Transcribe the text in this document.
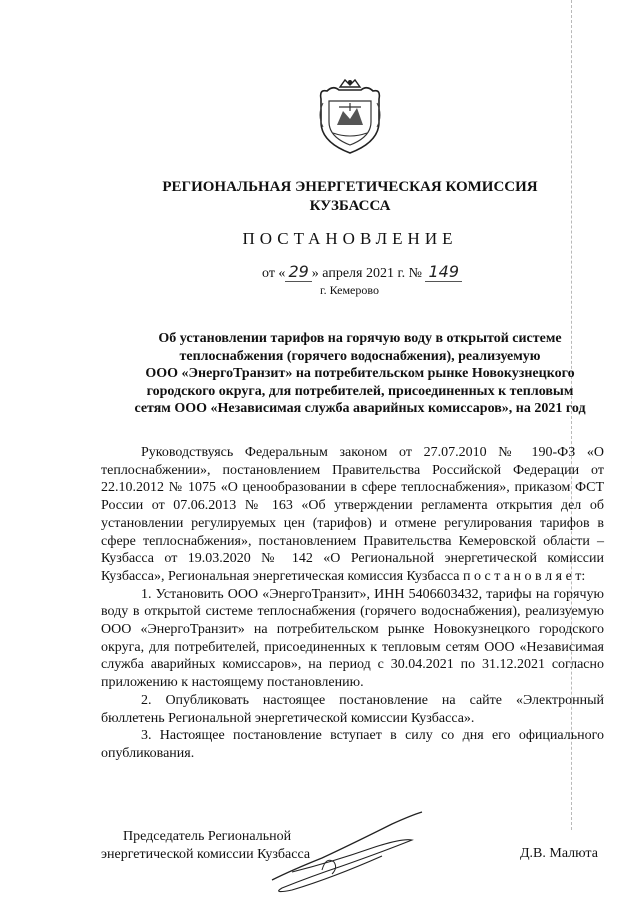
РЕГИОНАЛЬНАЯ ЭНЕРГЕТИЧЕСКАЯ КОМИССИЯ
КУЗБАССА
ПОСТАНОВЛЕНИЕ
от « 29 » апреля 2021 г. № 149
г. Кемерово
Об установлении тарифов на горячую воду в открытой системе
теплоснабжения (горячего водоснабжения), реализуемую
ООО «ЭнергоТранзит» на потребительском рынке Новокузнецкого
городского округа, для потребителей, присоединенных к тепловым
сетям ООО «Независимая служба аварийных комиссаров», на 2021 год

Руководствуясь Федеральным законом от 27.07.2010 № 190-ФЗ «О теплоснабжении», постановлением Правительства Российской Федерации от 22.10.2012 № 1075 «О ценообразовании в сфере теплоснабжения», приказом ФСТ России от 07.06.2013 № 163 «Об утверждении регламента открытия дел об установлении регулируемых цен (тарифов) и отмене регулирования тарифов в сфере теплоснабжения», постановлением Правительства Кемеровской области – Кузбасса от 19.03.2020 № 142 «О Региональной энергетической комиссии Кузбасса», Региональная энергетическая комиссия Кузбасса п о с т а н о в л я е т:

1. Установить ООО «ЭнергоТранзит», ИНН 5406603432, тарифы на горячую воду в открытой системе теплоснабжения (горячего водоснабжения), реализуемую ООО «ЭнергоТранзит» на потребительском рынке Новокузнецкого городского округа, для потребителей, присоединенных к тепловым сетям ООО «Независимая служба аварийных комиссаров», на период с 30.04.2021 по 31.12.2021 согласно приложению к настоящему постановлению.

2. Опубликовать настоящее постановление на сайте «Электронный бюллетень Региональной энергетической комиссии Кузбасса».

3. Настоящее постановление вступает в силу со дня его официального опубликования.

Председатель Региональной
энергетической комиссии Кузбасса	Д.В. Малюта
